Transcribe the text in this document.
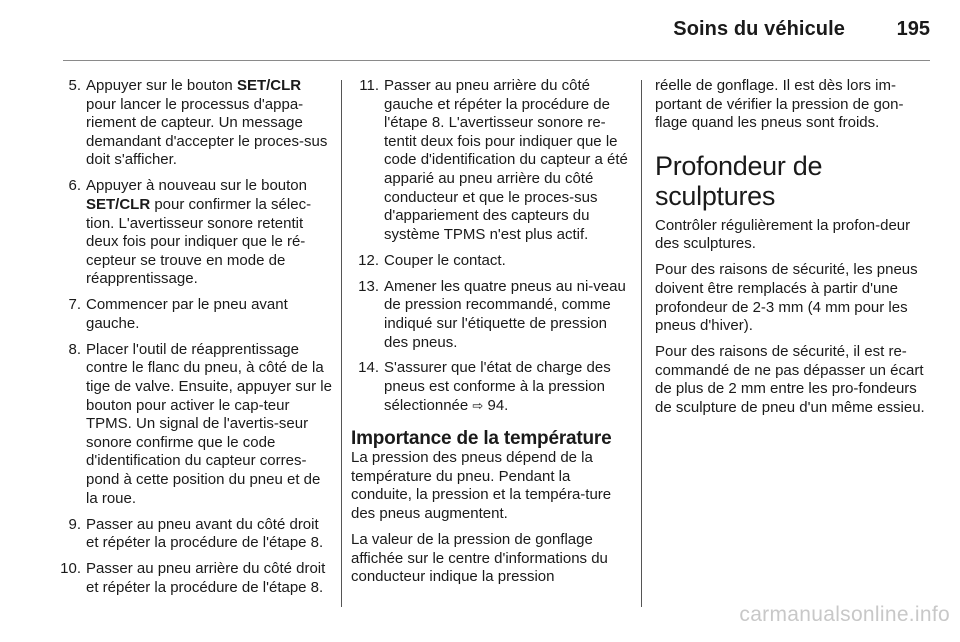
Soins du véhicule	195
5. Appuyer sur le bouton SET/CLR pour lancer le processus d'appa-riement de capteur. Un message demandant d'accepter le proces-sus doit s'afficher.
6. Appuyer à nouveau sur le bouton SET/CLR pour confirmer la sélec-tion. L'avertisseur sonore retentit deux fois pour indiquer que le ré-cepteur se trouve en mode de réapprentissage.
7. Commencer par le pneu avant gauche.
8. Placer l'outil de réapprentissage contre le flanc du pneu, à côté de la tige de valve. Ensuite, appuyer sur le bouton pour activer le cap-teur TPMS. Un signal de l'avertis-seur sonore confirme que le code d'identification du capteur corres-pond à cette position du pneu et de la roue.
9. Passer au pneu avant du côté droit et répéter la procédure de l'étape 8.
10. Passer au pneu arrière du côté droit et répéter la procédure de l'étape 8.
11. Passer au pneu arrière du côté gauche et répéter la procédure de l'étape 8. L'avertisseur sonore re-tentit deux fois pour indiquer que le code d'identification du capteur a été apparié au pneu arrière du côté conducteur et que le proces-sus d'appariement des capteurs du système TPMS n'est plus actif.
12. Couper le contact.
13. Amener les quatre pneus au ni-veau de pression recommandé, comme indiqué sur l'étiquette de pression des pneus.
14. S'assurer que l'état de charge des pneus est conforme à la pression sélectionnée ⇨ 94.
Importance de la température

La pression des pneus dépend de la température du pneu. Pendant la conduite, la pression et la tempéra-ture des pneus augmentent.

La valeur de la pression de gonflage affichée sur le centre d'informations du conducteur indique la pression

réelle de gonflage. Il est dès lors im-portant de vérifier la pression de gon-flage quand les pneus sont froids.

Profondeur de sculptures

Contrôler régulièrement la profon-deur des sculptures.

Pour des raisons de sécurité, les pneus doivent être remplacés à partir d'une profondeur de 2-3 mm (4 mm pour les pneus d'hiver).

Pour des raisons de sécurité, il est re-commandé de ne pas dépasser un écart de plus de 2 mm entre les pro-fondeurs de sculpture de pneu d'un même essieu.

carmanualsonline.info
